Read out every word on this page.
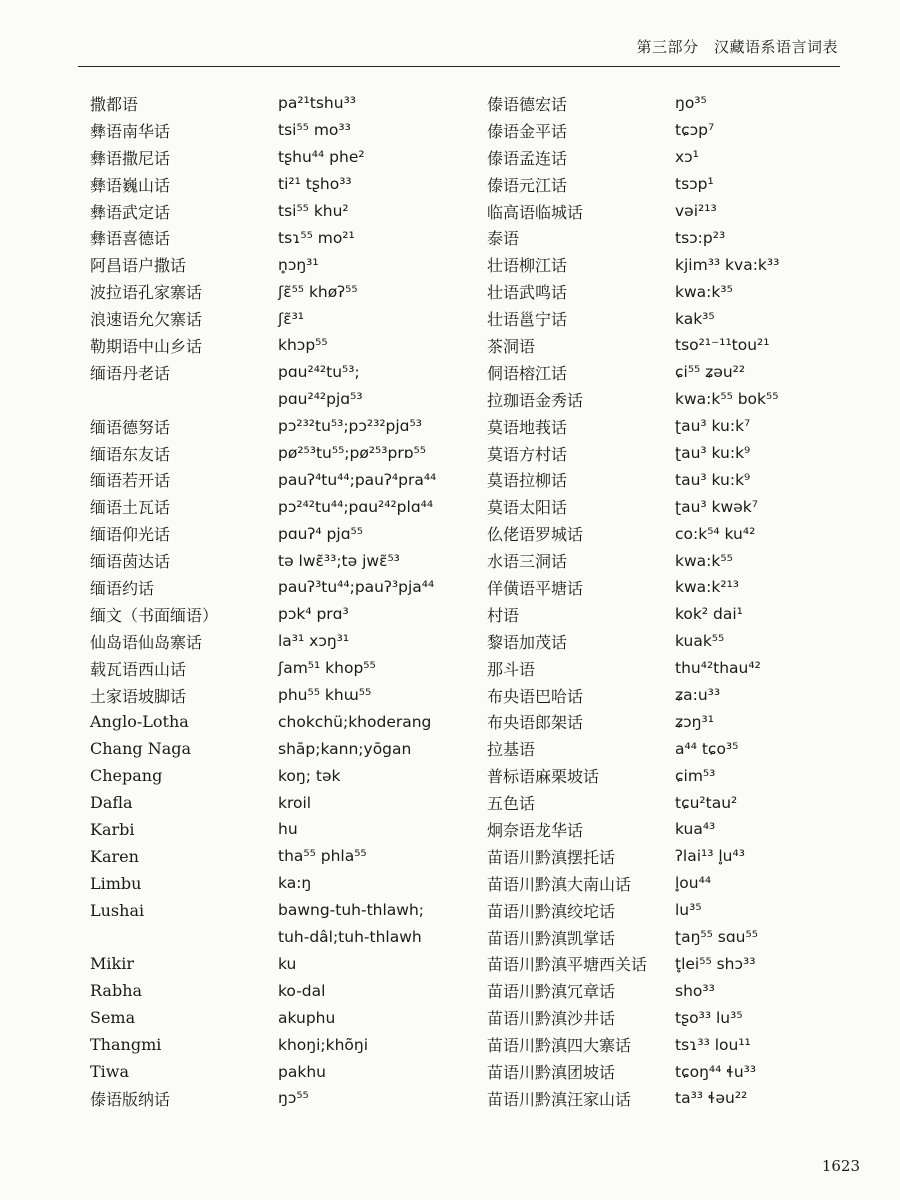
第三部分　汉藏语系语言词表
撒都语	pa²¹tshu³³
彝语南华话	tsi⁵⁵ mo³³
彝语撒尼话	tʂhu⁴⁴ phe²
彝语巍山话	ti²¹ tʂho³³
彝语武定话	tsi⁵⁵ khu²
彝语喜德话	tsɿ⁵⁵ mo²¹
阿昌语户撒话	n̥ɔŋ³¹
波拉语孔家寨话	ʃɛ̃⁵⁵ khøʔ⁵⁵
浪速语允欠寨话	ʃɛ̃³¹
勒期语中山乡话	khɔp⁵⁵
缅语丹老话	pɑu²⁴²tu⁵³;
pɑu²⁴²pjɑ⁵³
缅语德努话	pɔ²³²tu⁵³;pɔ²³²pjɑ⁵³
缅语东友话	pø²⁵³tu⁵⁵;pø²⁵³prɒ⁵⁵
缅语若开话	pauʔ⁴tu⁴⁴;pauʔ⁴pra⁴⁴
缅语土瓦话	pɔ²⁴²tu⁴⁴;pɑu²⁴²plɑ⁴⁴
缅语仰光话	pɑuʔ⁴ pjɑ⁵⁵
缅语茵达话	tə lwɛ̃³³;tə jwɛ̃⁵³
缅语约话	pauʔ³tu⁴⁴;pauʔ³pja⁴⁴
缅文（书面缅语）	pɔk⁴ prɑ³
仙岛语仙岛寨话	la³¹ xɔŋ³¹
载瓦语西山话	ʃam⁵¹ khop⁵⁵
土家语坡脚话	phu⁵⁵ khɯ⁵⁵
Anglo-Lotha	chokchü;khoderang
Chang Naga	shāp;kann;yōgan
Chepang	koŋ; tək
Dafla	kroil
Karbi	hu
Karen	tha⁵⁵ phla⁵⁵
Limbu	ka:ŋ
Lushai	bawng-tuh-thlawh;
tuh-dâl;tuh-thlawh
Mikir	ku
Rabha	ko-dal
Sema	akuphu
Thangmi	khoŋi;khõŋi
Tiwa	pakhu
傣语版纳话	ŋɔ⁵⁵
傣语德宏话	ŋo³⁵
傣语金平话	tɕɔp⁷
傣语孟连话	xɔ¹
傣语元江话	tsɔp¹
临高语临城话	vəi²¹³
泰语	tsɔ:p²³
壮语柳江话	kjim³³ kva:k³³
壮语武鸣话	kwa:k³⁵
壮语邕宁话	kak³⁵
茶洞语	tso²¹⁻¹¹tou²¹
侗语榕江话	ɕi⁵⁵ ʑəu²²
拉珈语金秀话	kwa:k⁵⁵ bok⁵⁵
莫语地莪话	ʈau³ ku:k⁷
莫语方村话	ʈau³ ku:k⁹
莫语拉柳话	tau³ ku:k⁹
莫语太阳话	ʈau³ kwək⁷
仫佬语罗城话	co:k⁵⁴ ku⁴²
水语三洞话	kwa:k⁵⁵
佯僙语平塘话	kwa:k²¹³
村语	kok² dai¹
黎语加茂话	kuak⁵⁵
那斗语	thu⁴²thau⁴²
布央语巴哈话	ʑa:u³³
布央语郎架话	ʑɔŋ³¹
拉基语	a⁴⁴ tɕo³⁵
普标语麻栗坡话	ɕim⁵³
五色话	tɕu²tau²
炯奈语龙华话	kua⁴³
苗语川黔滇摆托话	ʔlai¹³ l̥u⁴³
苗语川黔滇大南山话	l̥ou⁴⁴
苗语川黔滇绞坨话	lu³⁵
苗语川黔滇凯掌话	ʈaŋ⁵⁵ sɑu⁵⁵
苗语川黔滇平塘西关话	t̥lei⁵⁵ shɔ³³
苗语川黔滇冗章话	sho³³
苗语川黔滇沙井话	tʂo³³ lu³⁵
苗语川黔滇四大寨话	tsɿ³³ lou¹¹
苗语川黔滇团坡话	tɕoŋ⁴⁴ ɬu³³
苗语川黔滇汪家山话	ta³³ ɬəu²²
1623
